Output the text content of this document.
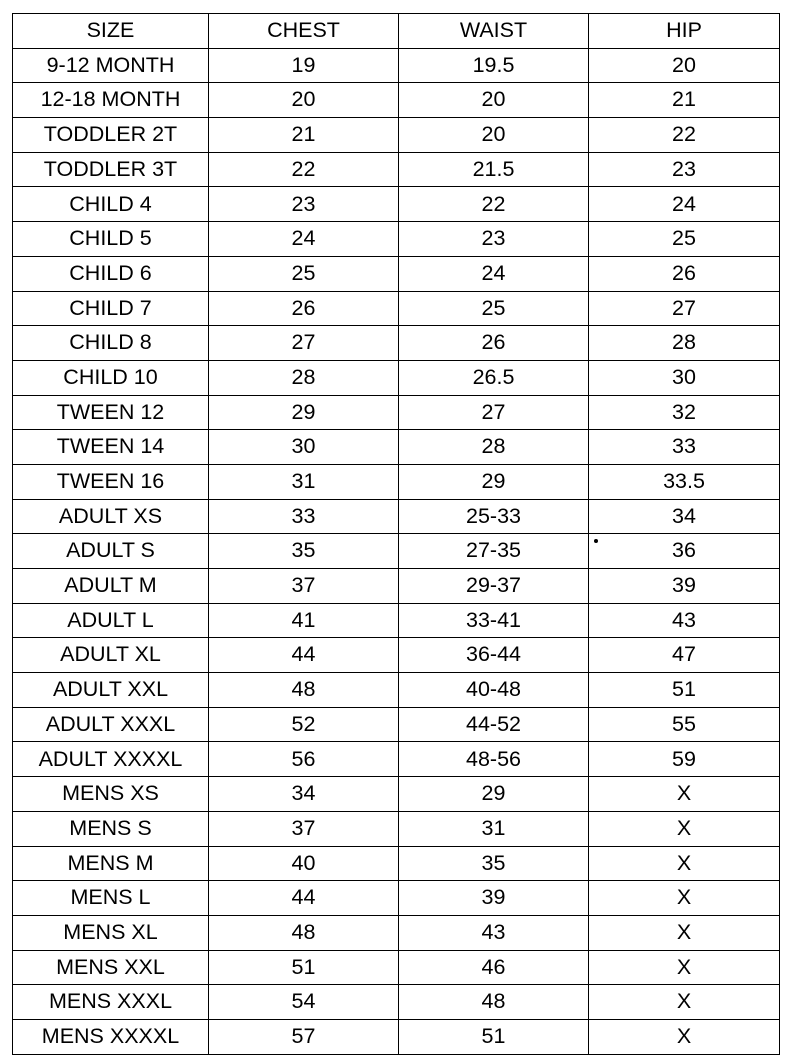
SIZE	CHEST	WAIST	HIP
9-12 MONTH	19	19.5	20
12-18 MONTH	20	20	21
TODDLER 2T	21	20	22
TODDLER 3T	22	21.5	23
CHILD 4	23	22	24
CHILD 5	24	23	25
CHILD 6	25	24	26
CHILD 7	26	25	27
CHILD 8	27	26	28
CHILD 10	28	26.5	30
TWEEN 12	29	27	32
TWEEN 14	30	28	33
TWEEN 16	31	29	33.5
ADULT XS	33	25-33	34
ADULT S	35	27-35	36
ADULT M	37	29-37	39
ADULT L	41	33-41	43
ADULT XL	44	36-44	47
ADULT XXL	48	40-48	51
ADULT XXXL	52	44-52	55
ADULT XXXXL	56	48-56	59
MENS XS	34	29	X
MENS S	37	31	X
MENS M	40	35	X
MENS L	44	39	X
MENS XL	48	43	X
MENS XXL	51	46	X
MENS XXXL	54	48	X
MENS XXXXL	57	51	X
